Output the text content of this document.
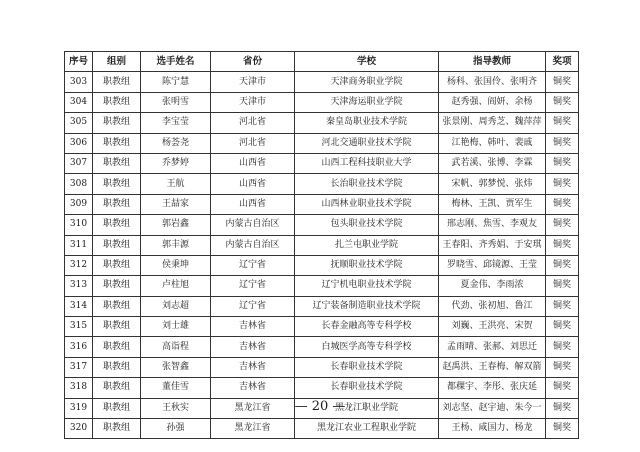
序号	组别	选手姓名	省份	学校	指导教师	奖项
303	职教组	陈宁慧	天津市	天津商务职业学院	杨科、张国伶、张明齐	铜奖
304	职教组	张明雪	天津市	天津海运职业学院	赵秀强、阎妍、余杨	铜奖
305	职教组	李宝莹	河北省	秦皇岛职业技术学院	张景刚、周秀芝、魏萍萍	铜奖
306	职教组	杨荟尧	河北省	河北交通职业技术学院	江艳梅、韩叶、裴戚	铜奖
307	职教组	乔梦婷	山西省	山西工程科技职业大学	武若溪、张博、李霖	铜奖
308	职教组	王航	山西省	长治职业技术学院	宋帆、郭梦悦、张炜	铜奖
309	职教组	王喆家	山西省	山西林业职业技术学院	梅林、王凯、贾军生	铜奖
310	职教组	郭岩鑫	内蒙古自治区	包头职业技术学院	邢志刚、焦雪、李观友	铜奖
311	职教组	郭丰源	内蒙古自治区	扎兰屯职业学院	王春阳、齐秀娟、于安琪	铜奖
312	职教组	侯秉坤	辽宁省	抚顺职业技术学院	罗晓雪、邱镜源、王莹	铜奖
313	职教组	卢柱旭	辽宁省	辽宁机电职业技术学院	夏金伟、李雨浓	铜奖
314	职教组	刘志超	辽宁省	辽宁装备制造职业技术学院	代劲、张初旭、鲁江	铜奖
315	职教组	刘士雄	吉林省	长春金融高等专科学校	刘巍、王洪亮、宋贺	铜奖
316	职教组	高诣程	吉林省	白城医学高等专科学校	孟雨晴、张郝、刘思迁	铜奖
317	职教组	张智鑫	吉林省	长春职业技术学院	赵禹洪、王春梅、解双箭	铜奖
318	职教组	董佳雪	吉林省	长春职业技术学院	都稞宇、李彤、张庆延	铜奖
319	职教组	王秋实	黑龙江省	黑龙江职业学院	刘志坚、赵宇迪、朱今一	铜奖
320	职教组	孙强	黑龙江省	黑龙江农业工程职业学院	王杨、咸国力、杨龙	铜奖
— 20 —
